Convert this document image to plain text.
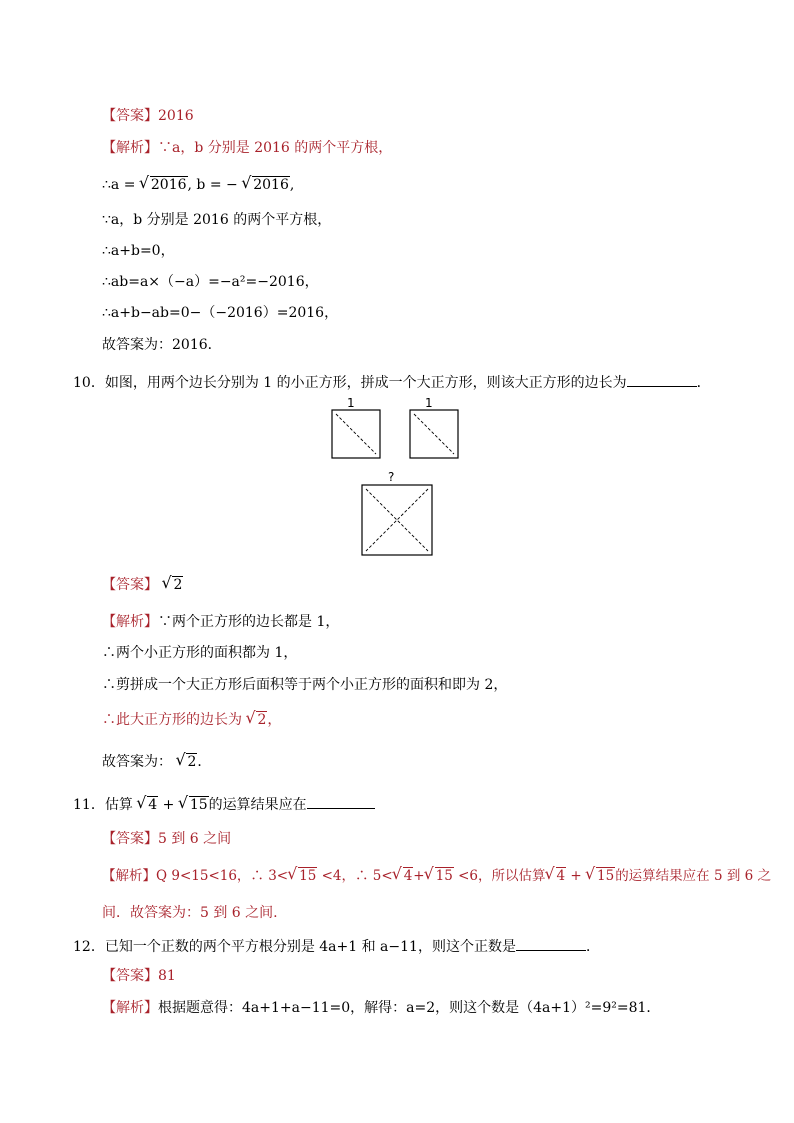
【答案】2016
【解析】∵a，b 分别是 2016 的两个平方根，
∴a = √ 2016, b = − √ 2016,
∵a，b 分别是 2016 的两个平方根，
∴a+b=0，
∴ab=a×（−a）=−a²=−2016，
∴a+b−ab=0−（−2016）=2016，
故答案为：2016．
10．如图，用两个边长分别为 1 的小正方形，拼成一个大正方形，则该大正方形的边长为	．
1	1
?
【答案】 √ 2
【解析】∵两个正方形的边长都是 1，
∴两个小正方形的面积都为 1，
∴剪拼成一个大正方形后面积等于两个小正方形的面积和即为 2，
∴此大正方形的边长为 √ 2，
故答案为： √ 2．
11．估算 √ 4 + √ 15的运算结果应在
【答案】5 到 6 之间
【解析】Q 9<15<16，∴ 3< √ 15 <4，∴ 5< √ 4+ √ 15 <6，所以估算 √ 4 + √ 15的运算结果应在 5 到 6 之
间．故答案为：5 到 6 之间.
12．已知一个正数的两个平方根分别是 4a+1 和 a−11，则这个正数是	．
【答案】81
【解析】根据题意得：4a+1+a−11=0，解得：a=2，则这个数是（4a+1）²=9²=81．
